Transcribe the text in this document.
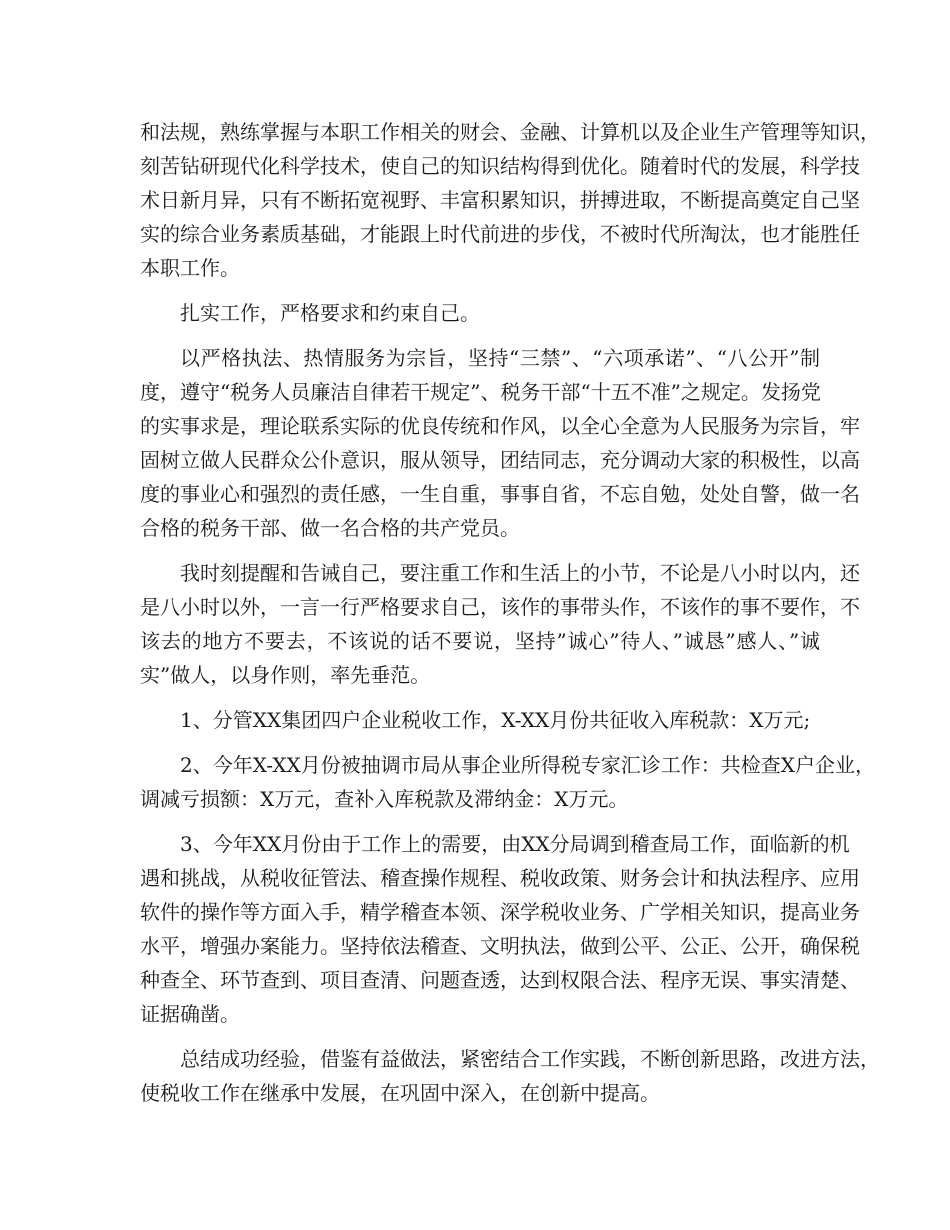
和法规，熟练掌握与本职工作相关的财会、金融、计算机以及企业生产管理等知识，
刻苦钻研现代化科学技术，使自己的知识结构得到优化。随着时代的发展，科学技
术日新月异，只有不断拓宽视野、丰富积累知识，拼搏进取，不断提高奠定自己坚
实的综合业务素质基础，才能跟上时代前进的步伐，不被时代所淘汰，也才能胜任
本职工作。
扎实工作，严格要求和约束自己。
以严格执法、热情服务为宗旨，坚持“三禁”、“六项承诺”、“八公开”制
度，遵守“税务人员廉洁自律若干规定”、税务干部“十五不准”之规定。发扬党
的实事求是，理论联系实际的优良传统和作风，以全心全意为人民服务为宗旨，牢
固树立做人民群众公仆意识，服从领导，团结同志，充分调动大家的积极性，以高
度的事业心和强烈的责任感，一生自重，事事自省，不忘自勉，处处自警，做一名
合格的税务干部、做一名合格的共产党员。
我时刻提醒和告诫自己，要注重工作和生活上的小节，不论是八小时以内，还
是八小时以外，一言一行严格要求自己，该作的事带头作，不该作的事不要作，不
该去的地方不要去，不该说的话不要说，坚持”诚心”待人、”诚恳”感人、”诚
实”做人，以身作则，率先垂范。
1、分管XX集团四户企业税收工作，X-XX月份共征收入库税款：X万元;
2、今年X-XX月份被抽调市局从事企业所得税专家汇诊工作：共检查X户企业，
调减亏损额：X万元，查补入库税款及滞纳金：X万元。
3、今年XX月份由于工作上的需要，由XX分局调到稽查局工作，面临新的机
遇和挑战，从税收征管法、稽查操作规程、税收政策、财务会计和执法程序、应用
软件的操作等方面入手，精学稽查本领、深学税收业务、广学相关知识，提高业务
水平，增强办案能力。坚持依法稽查、文明执法，做到公平、公正、公开，确保税
种查全、环节查到、项目查清、问题查透，达到权限合法、程序无误、事实清楚、
证据确凿。
总结成功经验，借鉴有益做法，紧密结合工作实践，不断创新思路，改进方法，
使税收工作在继承中发展，在巩固中深入，在创新中提高。
